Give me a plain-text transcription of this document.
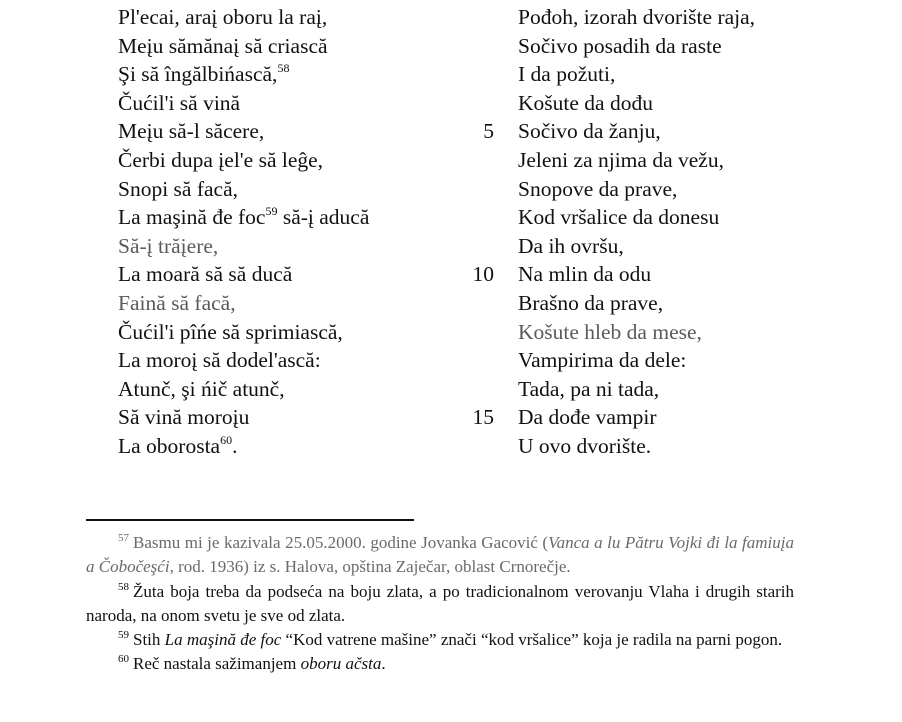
Pl'ecai, araį oboru la raį,
Meįu sămănaį să criască
Şi să îngălbińască,$^{58}$
Čućil'i să vină
Meįu să-l săcere,
Čerbi dupa įel'e să leĝe,
Snopi să facă,
La maşină đe foc$^{59}$ să-į aducă
Să-į trăįere,
La moară să să ducă
Faină să facă,
Čućil'i pîńe să sprimiască,
La moroį să dodel'ască:
Atunč, şi ńič atunč,
Să vină moroįu
La oborosta$^{60}$.
5
10
15
Pođoh, izorah dvorište raja,
Sočivo posadih da raste
I da požuti,
Košute da dođu
Sočivo da žanju,
Jeleni za njima da vežu,
Snopove da prave,
Kod vršalice da donesu
Da ih ovršu,
Na mlin da odu
Brašno da prave,
Košute hleb da mese,
Vampirima da dele:
Tada, pa ni tada,
Da dođe vampir
U ovo dvorište.
$^{57}$ Basmu mi je kazivala 25.05.2000. godine Jovanka Gacović (Vanca a lu Pătru Vojki đi la famiuįa a Čobočeşći, rod. 1936) iz s. Halova, opština Zaječar, oblast Crnorečje.
$^{58}$ Žuta boja treba da podseća na boju zlata, a po tradicionalnom verovanju Vlaha i drugih starih naroda, na onom svetu je sve od zlata.
$^{59}$ Stih La maşină đe foc “Kod vatrene mašine” znači “kod vršalice” koja je radila na parni pogon.
$^{60}$ Reč nastala sažimanjem oboru ačsta.
